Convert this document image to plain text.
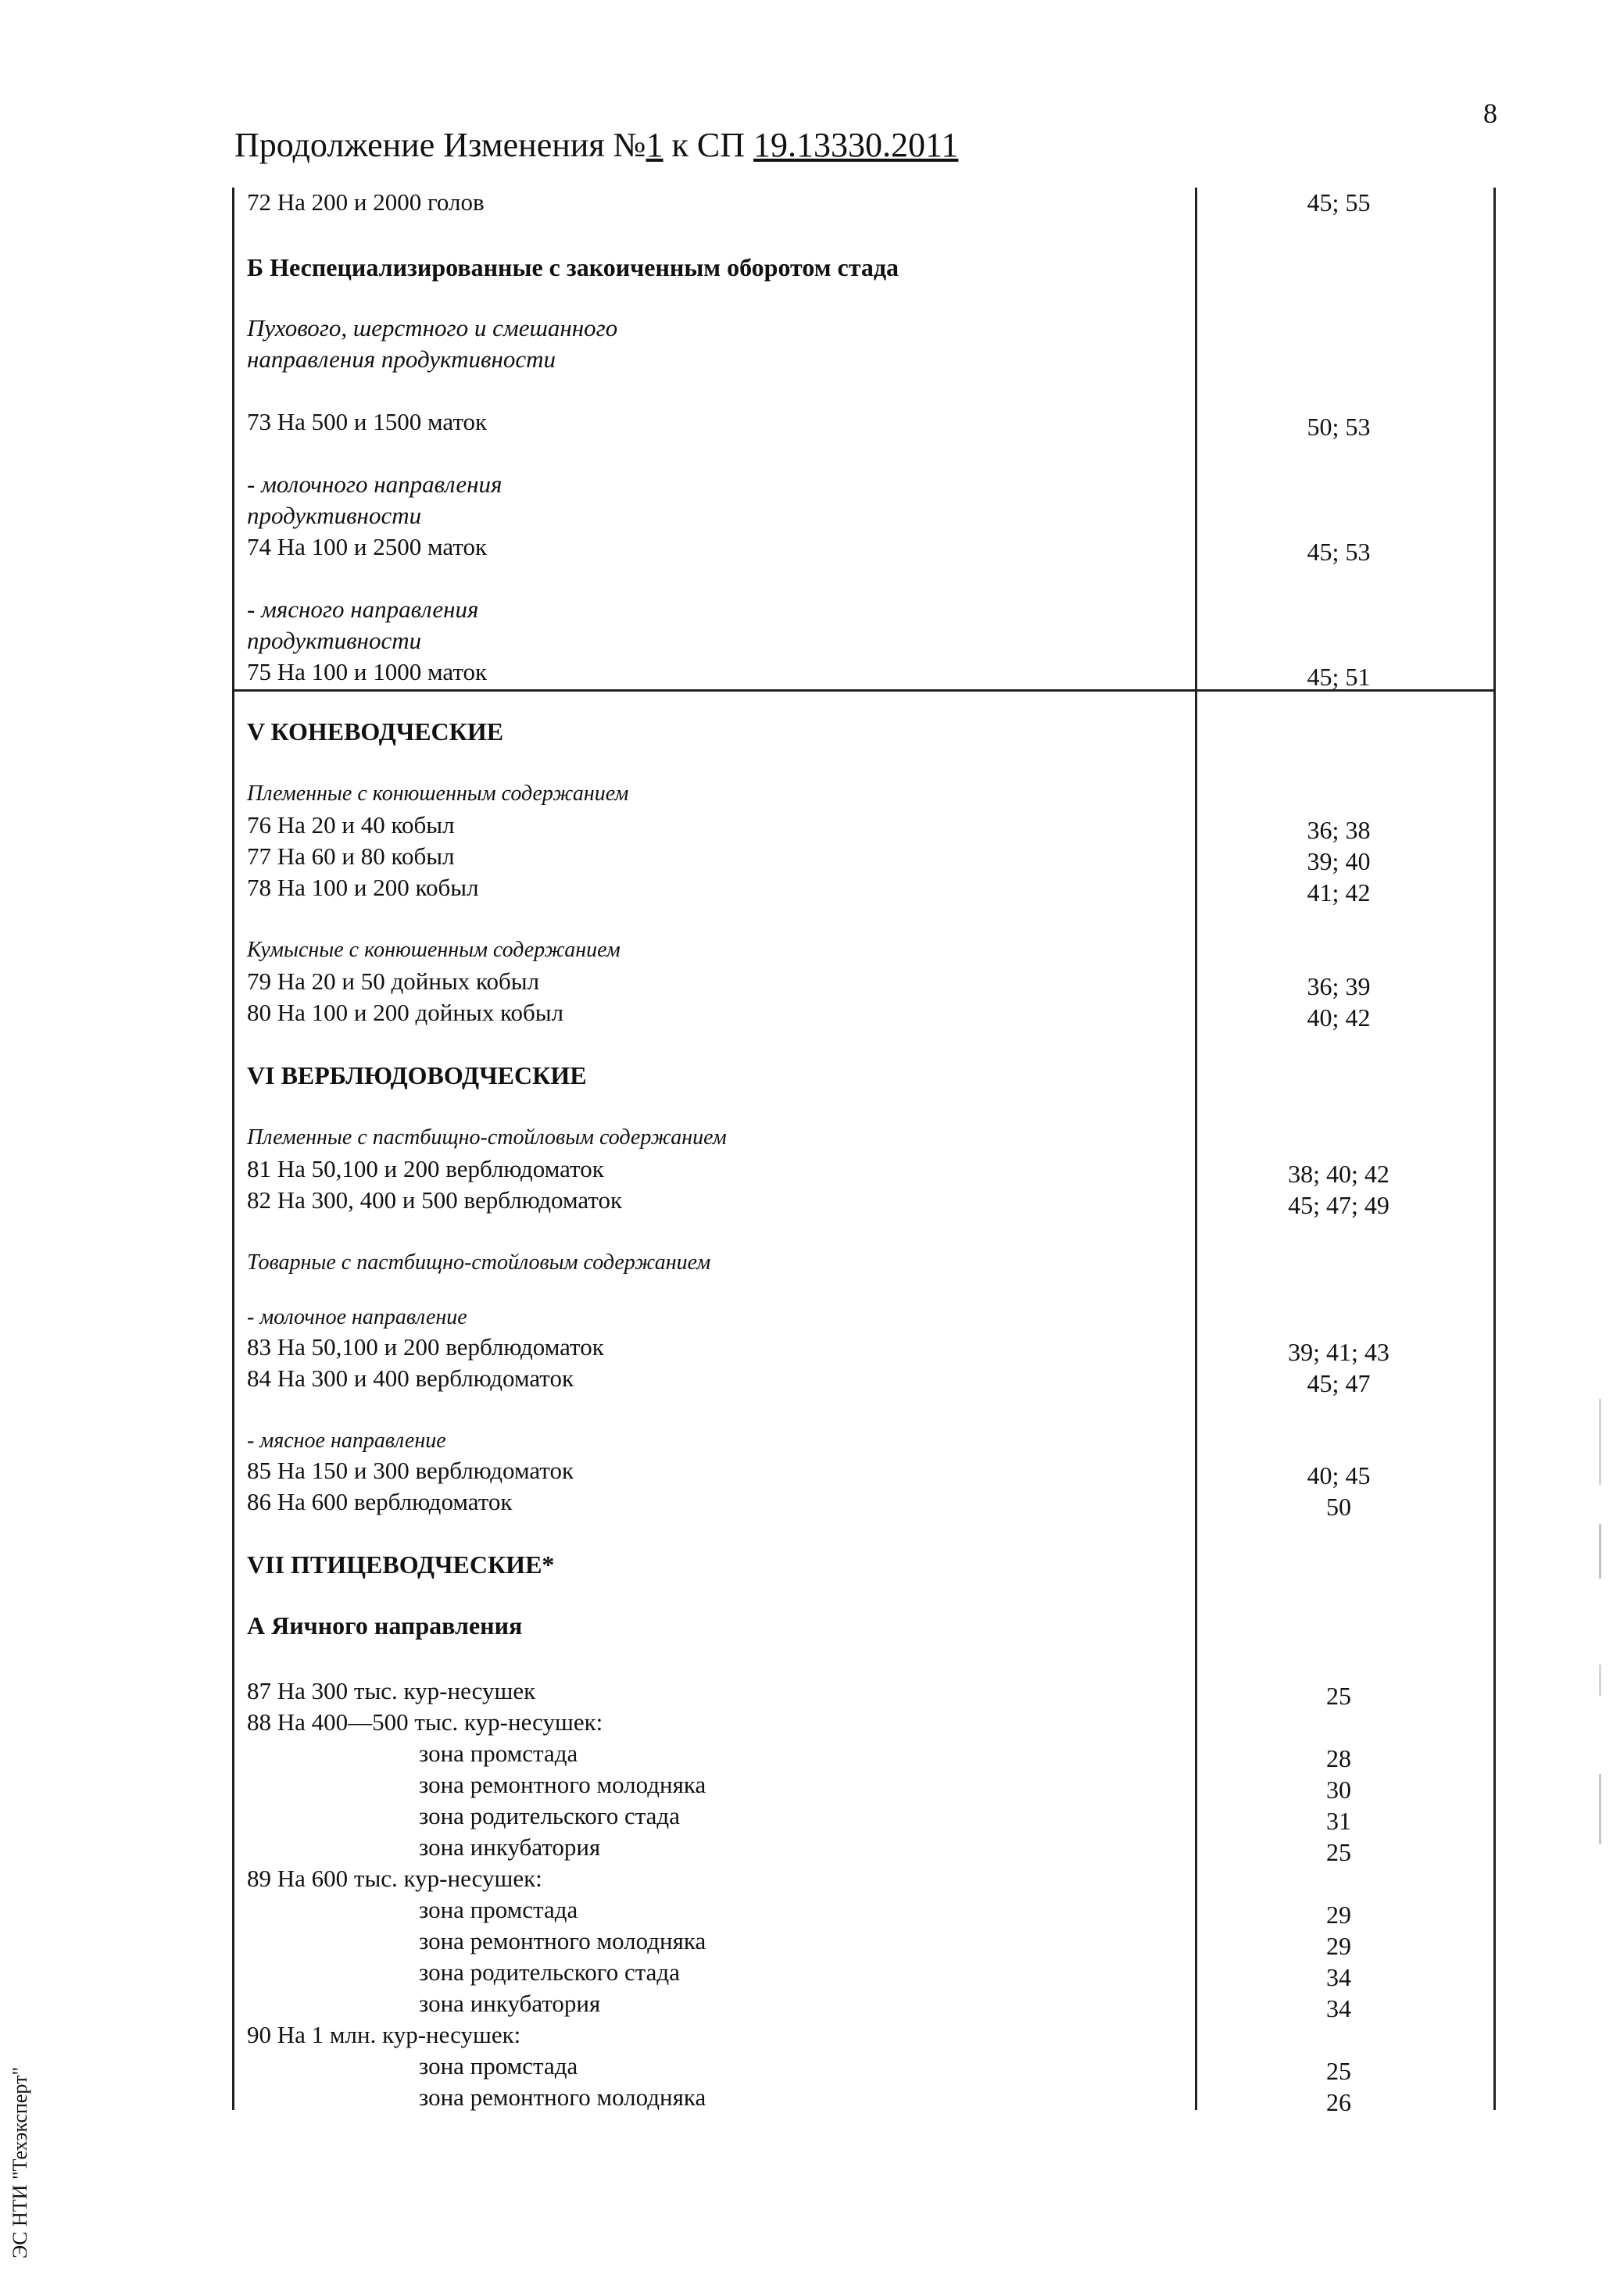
8
Продолжение Изменения №1 к СП 19.13330.2011
72 На 200 и 2000 голов	45; 55
Б Неспециализированные с закоиченным оборотом стада
Пухового, шерстного и смешанного
направления продуктивности
73 На 500 и 1500 маток	50; 53
- молочного направления
продуктивности
74 На 100 и 2500 маток	45; 53
- мясного направления
продуктивности
75 На 100 и 1000 маток	45; 51
V КОНЕВОДЧЕСКИЕ
Племенные с конюшенным содержанием
76 На 20 и 40 кобыл	36; 38
77 На 60 и 80 кобыл	39; 40
78 На 100 и 200 кобыл	41; 42
Кумысные с конюшенным содержанием
79 На 20 и 50 дойных кобыл	36; 39
80 На 100 и 200 дойных кобыл	40; 42
VI ВЕРБЛЮДОВОДЧЕСКИЕ
Племенные с пастбищно-стойловым содержанием
81 На 50,100 и 200 верблюдоматок	38; 40; 42
82 На 300, 400 и 500 верблюдоматок	45; 47; 49
Товарные с пастбищно-стойловым содержанием
- молочное направление
83 На 50,100 и 200 верблюдоматок	39; 41; 43
84 На 300 и 400 верблюдоматок	45; 47
- мясное направление
85 На 150 и 300 верблюдоматок	40; 45
86 На 600 верблюдоматок	50
VII ПТИЦЕВОДЧЕСКИЕ*
А Яичного направления
87 На 300 тыс. кур-несушек	25
88 На 400—500 тыс. кур-несушек:
зона промстада	28
зона ремонтного молодняка	30
зона родительского стада	31
зона инкубатория	25
89 На 600 тыс. кур-несушек:
зона промстада	29
зона ремонтного молодняка	29
зона родительского стада	34
зона инкубатория	34
90 На 1 млн. кур-несушек:
зона промстада	25
зона ремонтного молодняка	26
ЭС НТИ "Техэксперт"
